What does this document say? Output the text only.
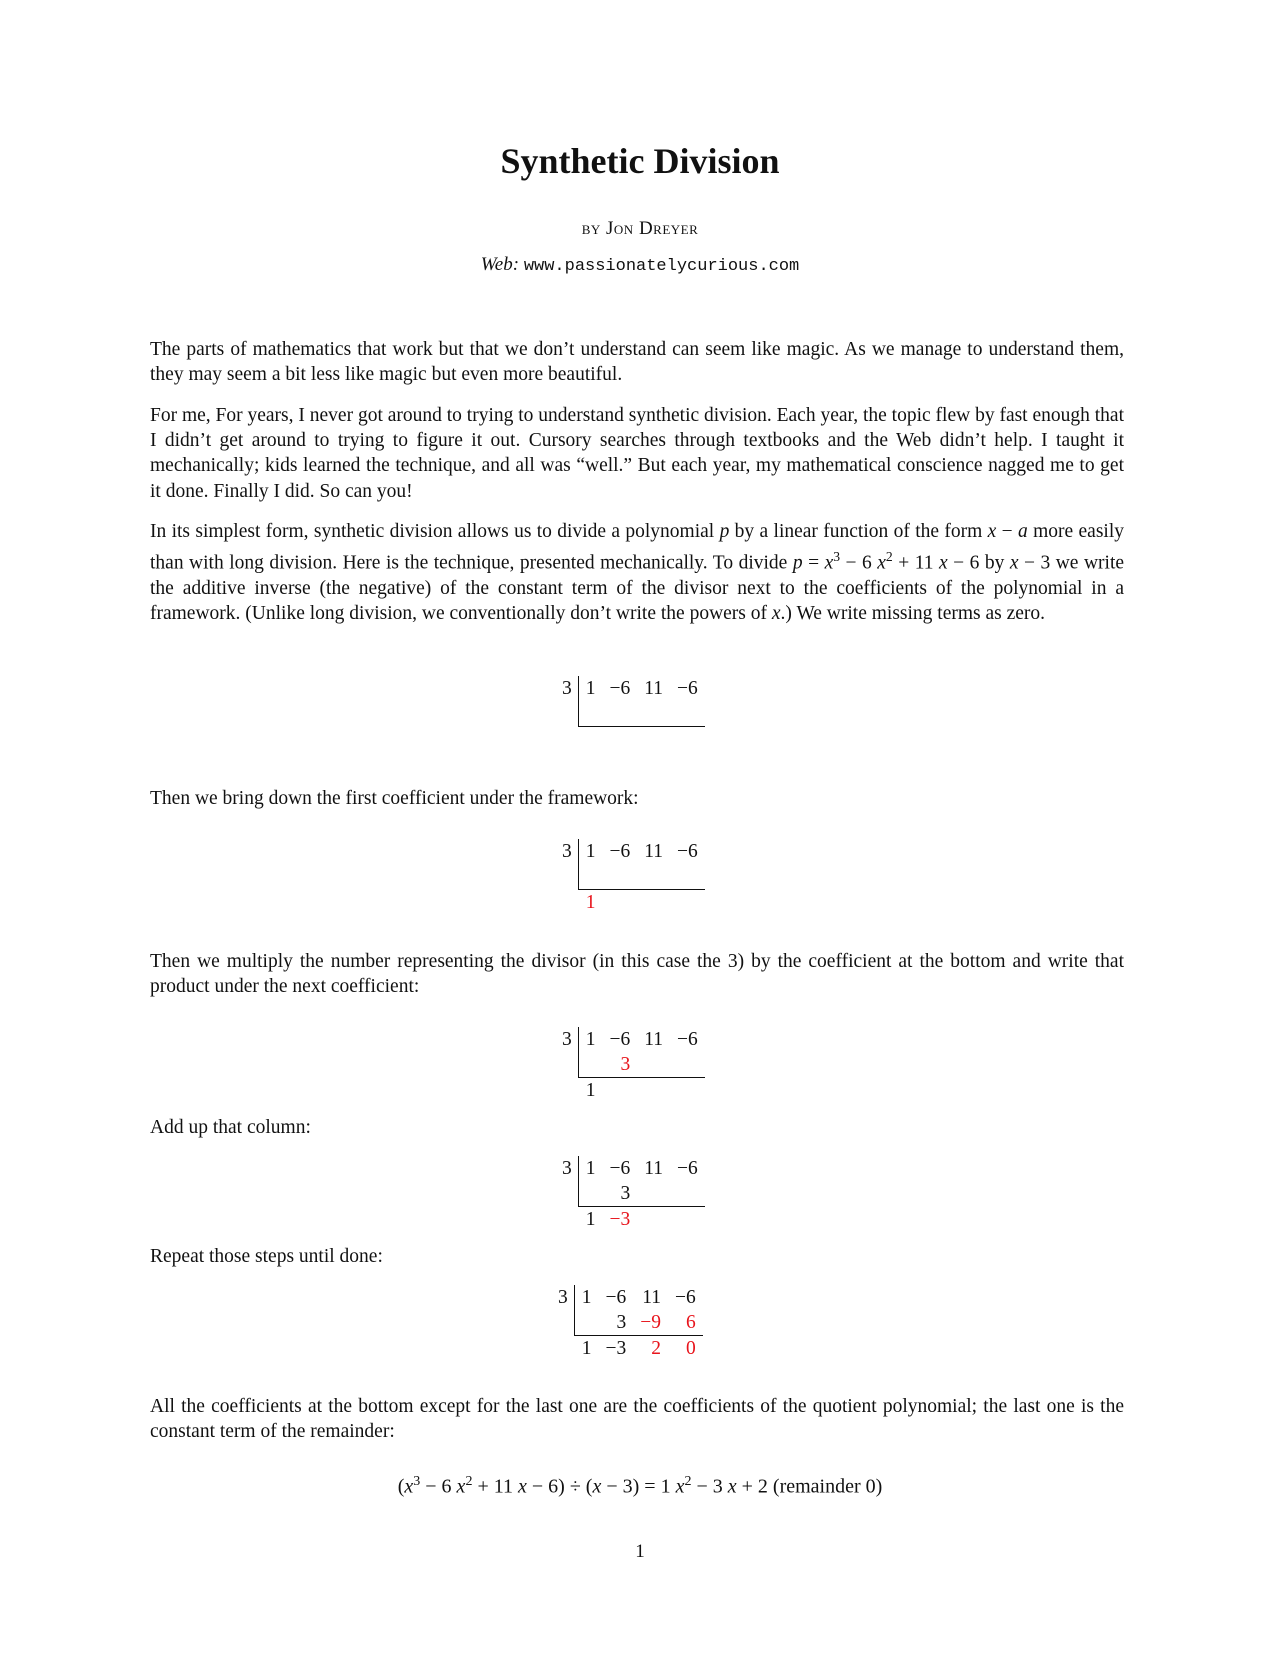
Synthetic Division
by Jon Dreyer
Web: www.passionatelycurious.com
The parts of mathematics that work but that we don’t understand can seem like magic. As we manage to understand them, they may seem a bit less like magic but even more beautiful.
For me, For years, I never got around to trying to understand synthetic division. Each year, the topic flew by fast enough that I didn’t get around to trying to figure it out. Cursory searches through textbooks and the Web didn’t help. I taught it mechanically; kids learned the technique, and all was “well.” But each year, my mathematical conscience nagged me to get it done. Finally I did. So can you!
In its simplest form, synthetic division allows us to divide a polynomial p by a linear function of the form x − a more easily than with long division. Here is the technique, presented mechanically. To divide $p = x^3 - 6$ $x^2 + 11$ x − 6 by x − 3 we write the additive inverse (the negative) of the constant term of the divisor next to the coefficients of the polynomial in a framework. (Unlike long division, we conventionally don’t write the powers of x.) We write missing terms as zero.
3	1	−6	11	−6

Then we bring down the first coefficient under the framework:
3	1	−6	11	−6

	1			
Then we multiply the number representing the divisor (in this case the 3) by the coefficient at the bottom and write that product under the next coefficient:
3	1	−6	11	−6
		3		
	1			
Add up that column:
3	1	−6	11	−6
		3		
	1	−3		
Repeat those steps until done:
3	1	−6	11	−6
		3	−9	6
	1	−3	2	0
All the coefficients at the bottom except for the last one are the coefficients of the quotient polynomial; the last one is the constant term of the remainder:
($x^3 - 6$ $x^2 + 11$ x − 6) ÷ (x − 3) = 1 $x^2 - 3$ x + 2 (remainder 0)
1
